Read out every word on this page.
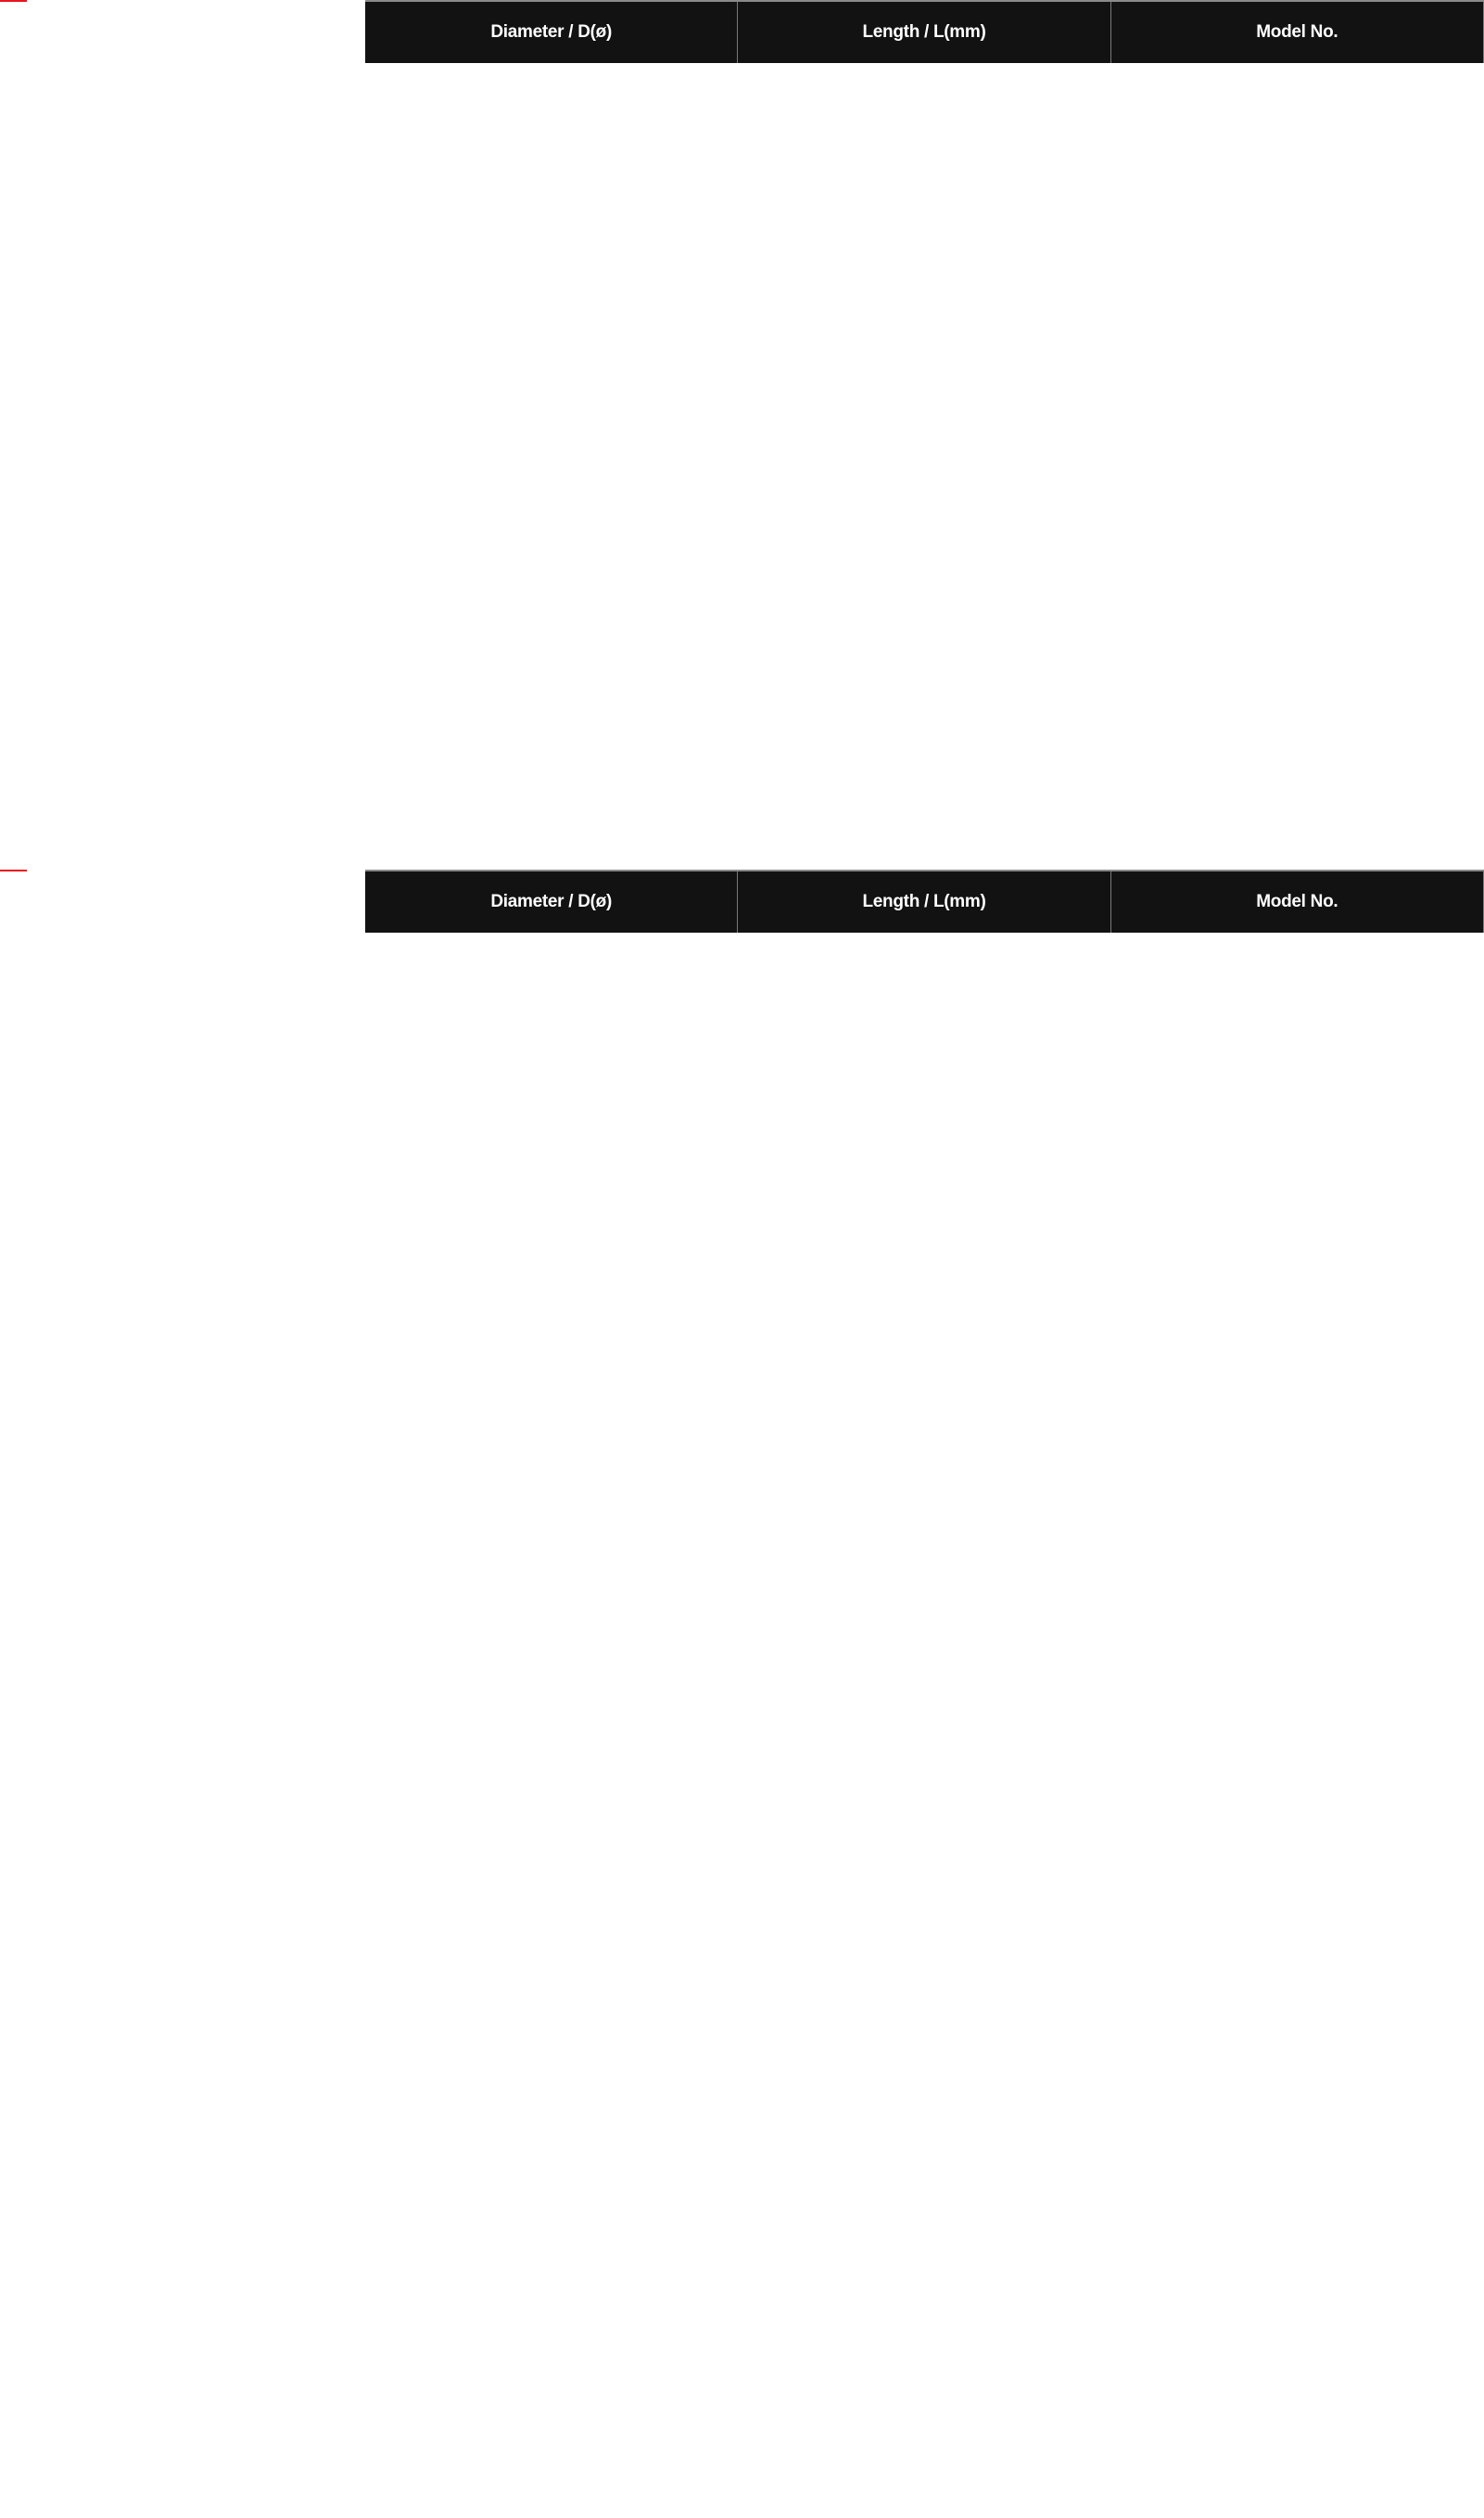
Diameter / D(ø)	Length / L(mm)	Model No.
Diameter / D(ø)	Length / L(mm)	Model No.
